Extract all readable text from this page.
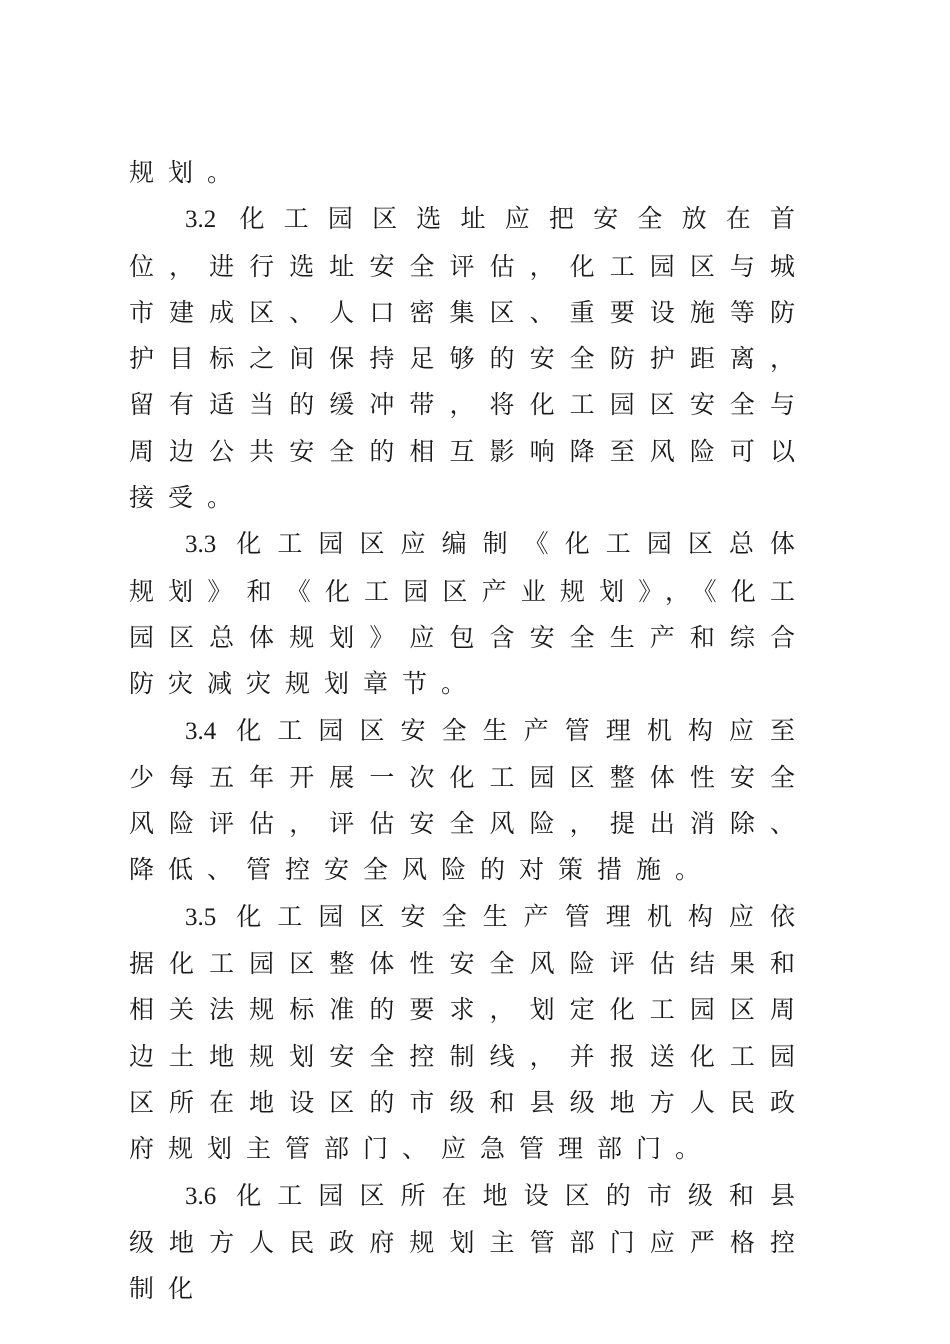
规划。

3.2 化工园区选址应把安全放在首位，进行选址安全评估，化工园区与城市建成区、人口密集区、重要设施等防护目标之间保持足够的安全防护距离，留有适当的缓冲带，将化工园区安全与周边公共安全的相互影响降至风险可以接受。

3.3 化工园区应编制《化工园区总体规划》和《化工园区产业规划》，《化工园区总体规划》应包含安全生产和综合防灾减灾规划章节。

3.4 化工园区安全生产管理机构应至少每五年开展一次化工园区整体性安全风险评估，评估安全风险，提出消除、降低、管控安全风险的对策措施。

3.5 化工园区安全生产管理机构应依据化工园区整体性安全风险评估结果和相关法规标准的要求，划定化工园区周边土地规划安全控制线，并报送化工园区所在地设区的市级和县级地方人民政府规划主管部门、应急管理部门。

3.6 化工园区所在地设区的市级和县级地方人民政府规划主管部门应严格控制化
